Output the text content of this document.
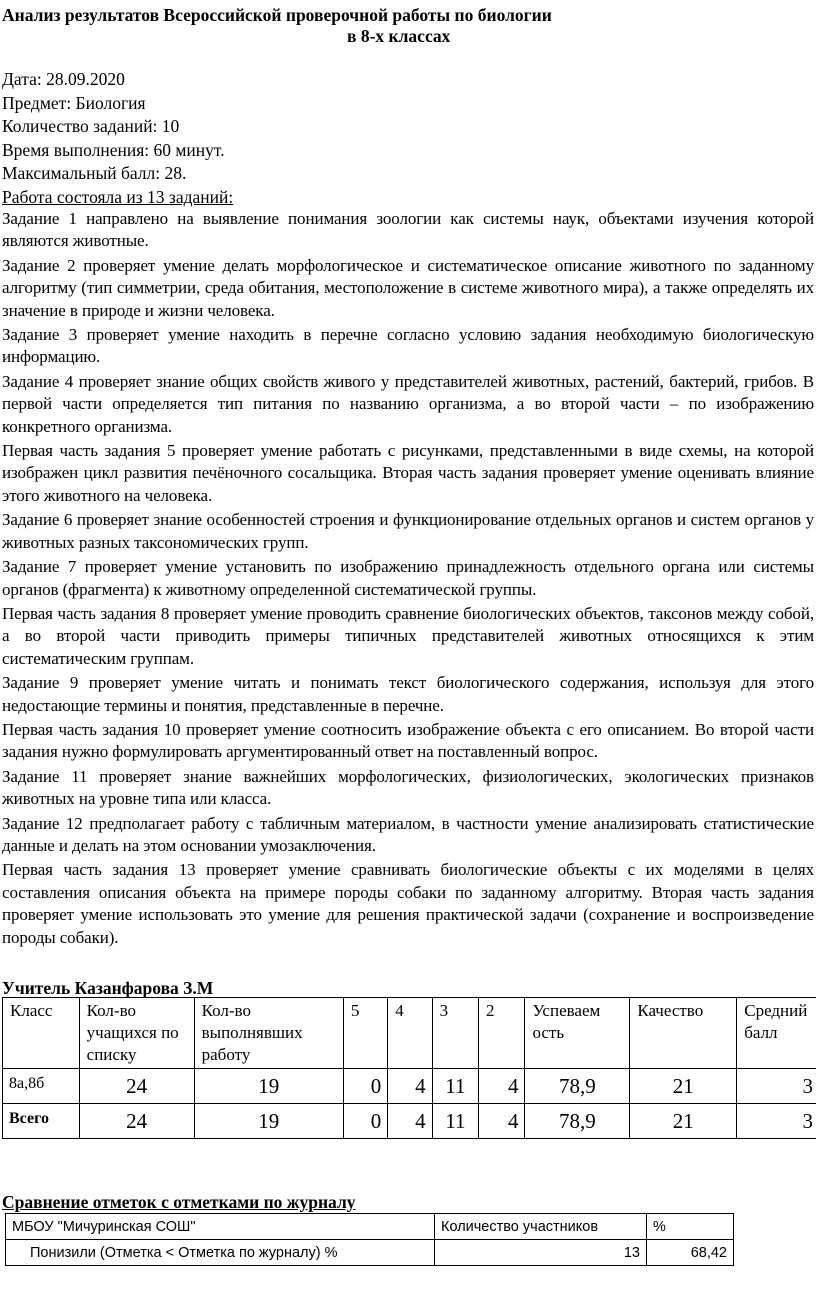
Анализ результатов Всероссийской проверочной работы по биологии
в 8-х классах
Дата: 28.09.2020
Предмет: Биология
Количество заданий: 10
Время выполнения: 60 минут.
Максимальный балл: 28.
Работа состояла из 13 заданий:

Задание 1 направлено на выявление понимания зоологии как системы наук, объектами изучения которой являются животные.

Задание 2 проверяет умение делать морфологическое и систематическое описание животного по заданному алгоритму (тип симметрии, среда обитания, местоположение в системе животного мира), а также определять их значение в природе и жизни человека.

Задание 3 проверяет умение находить в перечне согласно условию задания необходимую биологическую информацию.

Задание 4 проверяет знание общих свойств живого у представителей животных, растений, бактерий, грибов. В первой части определяется тип питания по названию организма, а во второй части – по изображению конкретного организма.

Первая часть задания 5 проверяет умение работать с рисунками, представленными в виде схемы, на которой изображен цикл развития печёночного сосальщика. Вторая часть задания проверяет умение оценивать влияние этого животного на человека.

Задание 6 проверяет знание особенностей строения и функционирование отдельных органов и систем органов у животных разных таксономических групп.

Задание 7 проверяет умение установить по изображению принадлежность отдельного органа или системы органов (фрагмента) к животному определенной систематической группы.

Первая часть задания 8 проверяет умение проводить сравнение биологических объектов, таксонов между собой, а во второй части приводить примеры типичных представителей животных относящихся к этим систематическим группам.

Задание 9 проверяет умение читать и понимать текст биологического содержания, используя для этого недостающие термины и понятия, представленные в перечне.

Первая часть задания 10 проверяет умение соотносить изображение объекта с его описанием. Во второй части задания нужно формулировать аргументированный ответ на поставленный вопрос.

Задание 11 проверяет знание важнейших морфологических, физиологических, экологических признаков животных на уровне типа или класса.

Задание 12 предполагает работу с табличным материалом, в частности умение анализировать статистические данные и делать на этом основании умозаключения.

Первая часть задания 13 проверяет умение сравнивать биологические объекты с их моделями в целях составления описания объекта на примере породы собаки по заданному алгоритму. Вторая часть задания проверяет умение использовать это умение для решения практической задачи (сохранение и воспроизведение породы собаки).

Учитель Казанфарова З.М
Класс	Кол-во учащихся по списку	Кол-во выполнявших работу	5	4	3	2	Успеваем ость	Качество	Средний балл
8а,8б	24	19	0	4	11	4	78,9	21	3
Всего	24	19	0	4	11	4	78,9	21	3
Сравнение отметок с отметками по журналу
МБОУ "Мичуринская СОШ"	Количество участников	%
Понизили (Отметка < Отметка по журналу) %	13	68,42
